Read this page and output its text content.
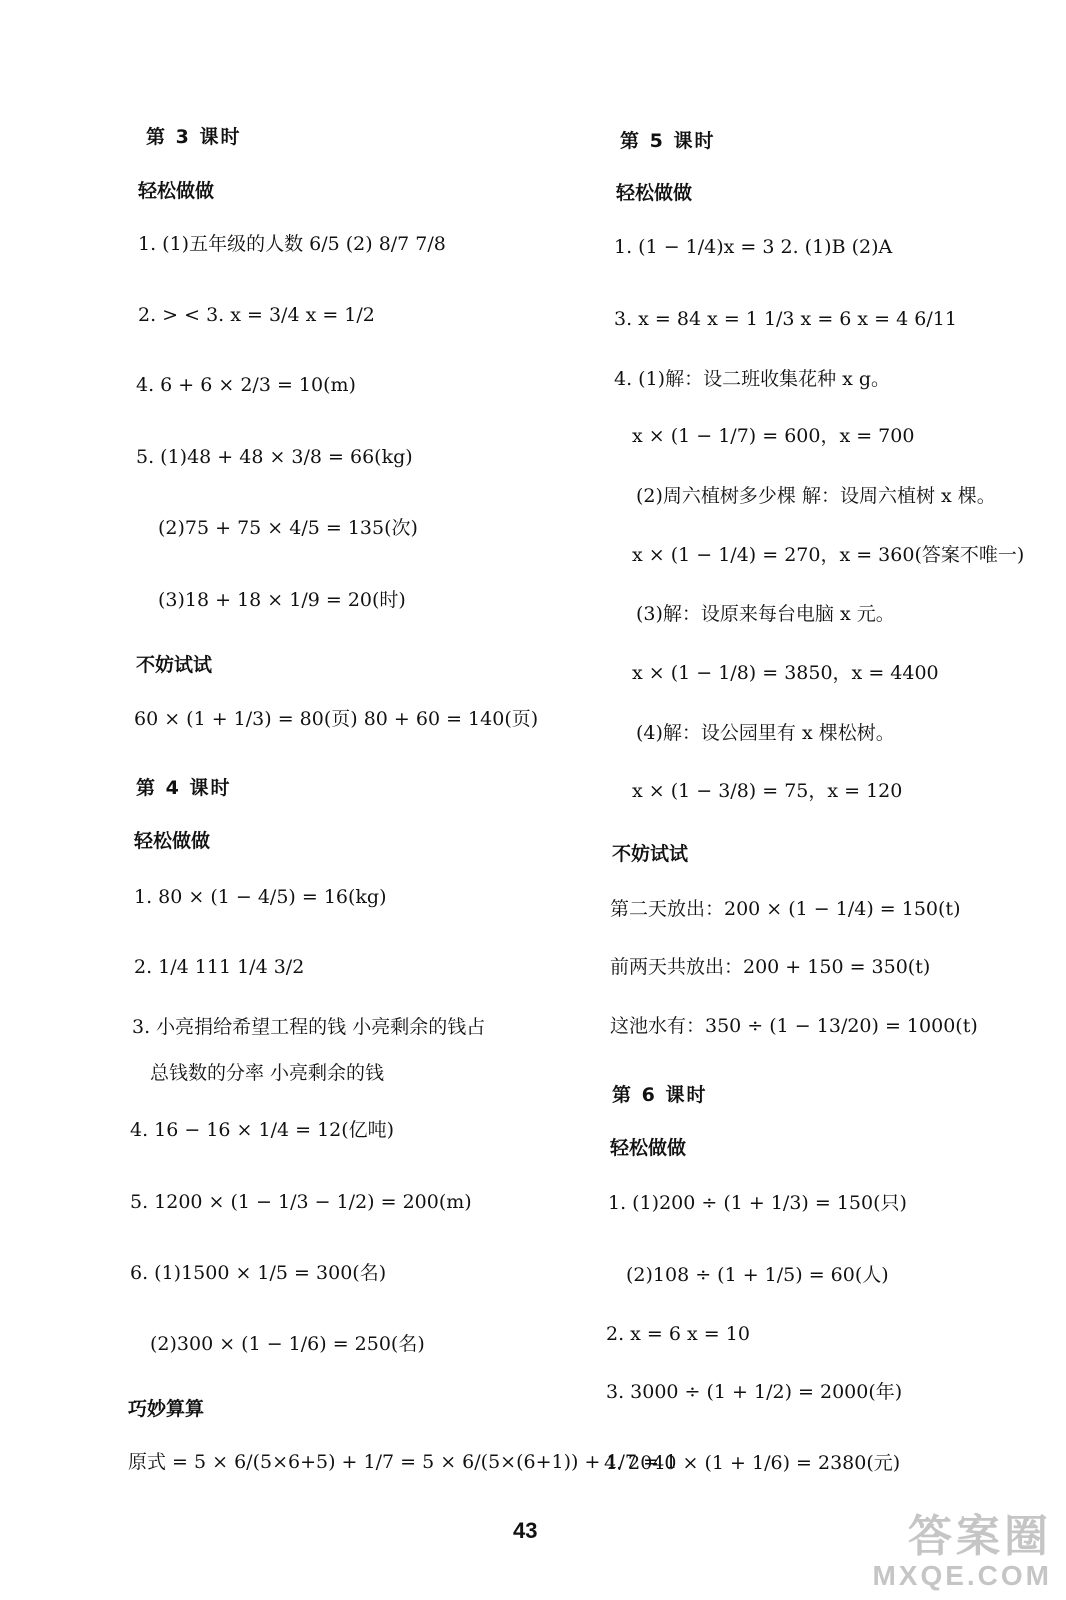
第 3 课时
轻松做做
1. (1)五年级的人数 6/5 (2) 8/7 7/8
2. > < 3. x = 3/4 x = 1/2
4. 6 + 6 × 2/3 = 10(m)
5. (1)48 + 48 × 3/8 = 66(kg)
(2)75 + 75 × 4/5 = 135(次)
(3)18 + 18 × 1/9 = 20(时)
不妨试试
60 × (1 + 1/3) = 80(页) 80 + 60 = 140(页)
第 4 课时
轻松做做
1. 80 × (1 − 4/5) = 16(kg)
2. 1/4 111 1/4 3/2
3. 小亮捐给希望工程的钱 小亮剩余的钱占
总钱数的分率 小亮剩余的钱
4. 16 − 16 × 1/4 = 12(亿吨)
5. 1200 × (1 − 1/3 − 1/2) = 200(m)
6. (1)1500 × 1/5 = 300(名)
(2)300 × (1 − 1/6) = 250(名)
巧妙算算
原式 = 5 × 6/(5×6+5) + 1/7 = 5 × 6/(5×(6+1)) + 1/7 = 1
第 5 课时
轻松做做
1. (1 − 1/4)x = 3 2. (1)B (2)A
3. x = 84 x = 1 1/3 x = 6 x = 4 6/11
4. (1)解：设二班收集花种 x g。
x × (1 − 1/7) = 600，x = 700
(2)周六植树多少棵 解：设周六植树 x 棵。
x × (1 − 1/4) = 270，x = 360(答案不唯一)
(3)解：设原来每台电脑 x 元。
x × (1 − 1/8) = 3850，x = 4400
(4)解：设公园里有 x 棵松树。
x × (1 − 3/8) = 75，x = 120
不妨试试
第二天放出：200 × (1 − 1/4) = 150(t)
前两天共放出：200 + 150 = 350(t)
这池水有：350 ÷ (1 − 13/20) = 1000(t)
第 6 课时
轻松做做
1. (1)200 ÷ (1 + 1/3) = 150(只)
(2)108 ÷ (1 + 1/5) = 60(人)
2. x = 6 x = 10
3. 3000 ÷ (1 + 1/2) = 2000(年)
4. 2040 × (1 + 1/6) = 2380(元)
43	答案圈
MXQE.COM
